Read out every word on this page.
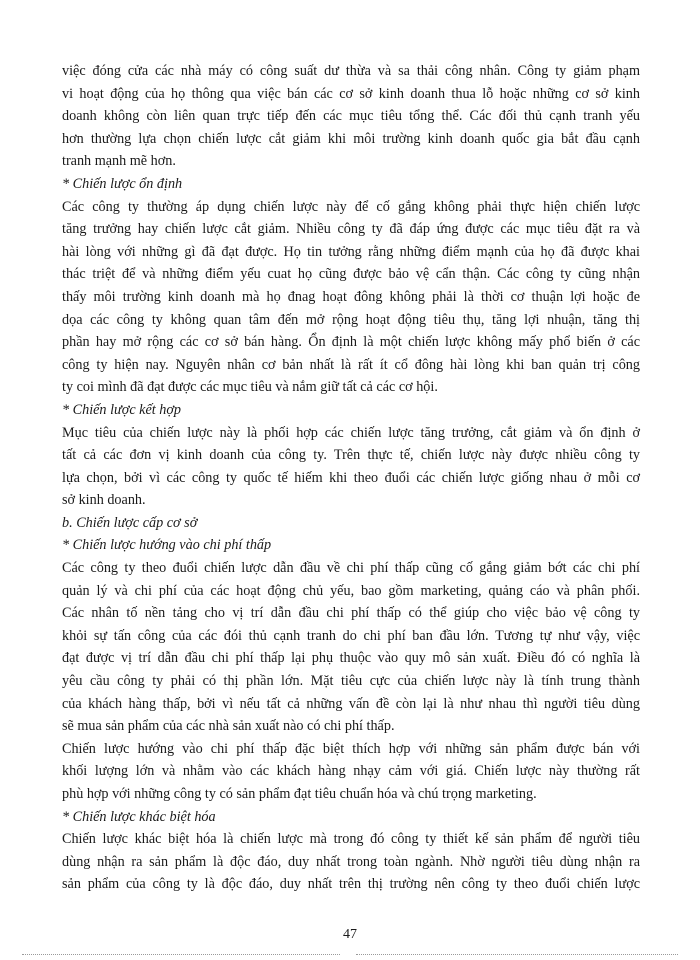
việc đóng cửa các nhà máy có công suất dư thừa và sa thải công nhân. Công ty giảm phạm
vi hoạt động của họ thông qua việc bán các cơ sở kinh doanh thua lỗ hoặc những cơ sở kinh
doanh không còn liên quan trực tiếp đến các mục tiêu tổng thể. Các đối thủ cạnh tranh yếu
hơn thường lựa chọn chiến lược cắt giảm khi môi trường kinh doanh quốc gia bắt đầu cạnh
tranh mạnh mẽ hơn.
* Chiến lược ổn định
Các công ty thường áp dụng chiến lược này để cố gắng không phải thực hiện chiến lược
tăng trưởng hay chiến lược cắt giảm. Nhiều công ty đã đáp ứng được các mục tiêu đặt ra và
hài lòng với những gì đã đạt được. Họ tin tưởng rằng những điểm mạnh của họ đã được khai
thác triệt để và những điểm yếu cuat họ cũng được bảo vệ cẩn thận. Các công ty cũng nhận
thấy môi trường kinh doanh mà họ đnag hoạt đông không phải là thời cơ thuận lợi hoặc đe
dọa các công ty không quan tâm đến mở rộng hoạt động tiêu thụ, tăng lợi nhuận, tăng thị
phần hay mở rộng các cơ sở bán hàng. Ổn định là một chiến lược không mấy phổ biến ở các
công ty hiện nay. Nguyên nhân cơ bản nhất là rất ít cổ đông hài lòng khi ban quản trị công
ty coi mình đã đạt được các mục tiêu và nắm giữ tất cả các cơ hội.
* Chiến lược kết hợp
Mục tiêu của chiến lược này là phối hợp các chiến lược tăng trưởng, cắt giảm và ổn định ở
tất cả các đơn vị kinh doanh của công ty. Trên thực tế, chiến lược này được nhiều công ty
lựa chọn, bởi vì các công ty quốc tế hiếm khi theo đuổi các chiến lược giống nhau ở mỗi cơ
sở kinh doanh.
b. Chiến lược cấp cơ sở
* Chiến lược hướng vào chi phí thấp
Các công ty theo đuổi chiến lược dẫn đầu về chi phí thấp cũng cố gắng giảm bớt các chi phí
quản lý và chi phí của các hoạt động chủ yếu, bao gồm marketing, quảng cáo và phân phối.
Các nhân tố nền tảng cho vị trí dẫn đầu chi phí thấp có thể giúp cho việc bảo vệ công ty
khỏi sự tấn công của các đói thủ cạnh tranh do chi phí ban đầu lớn. Tương tự như vậy, việc
đạt được vị trí dẫn đầu chi phí thấp lại phụ thuộc vào quy mô sản xuất. Điều đó có nghĩa là
yêu cầu công ty phải có thị phần lớn. Mặt tiêu cực của chiến lược này là tính trung thành
của khách hàng thấp, bởi vì nếu tất cả những vấn đề còn lại là như nhau thì người tiêu dùng
sẽ mua sản phẩm của các nhà sản xuất nào có chi phí thấp.
Chiến lược hướng vào chi phí thấp đặc biệt thích hợp với những sản phẩm được bán với
khối lượng lớn và nhằm vào các khách hàng nhạy cảm với giá. Chiến lược này thường rất
phù hợp với những công ty có sản phẩm đạt tiêu chuẩn hóa và chú trọng marketing.
* Chiến lược khác biệt hóa
Chiến lược khác biệt hóa là chiến lược mà trong đó công ty thiết kế sản phẩm để người tiêu
dùng nhận ra sản phẩm là độc đáo, duy nhất trong toàn ngành. Nhờ người tiêu dùng nhận ra
sản phẩm của công ty là độc đáo, duy nhất trên thị trường nên công ty theo đuổi chiến lược
47
